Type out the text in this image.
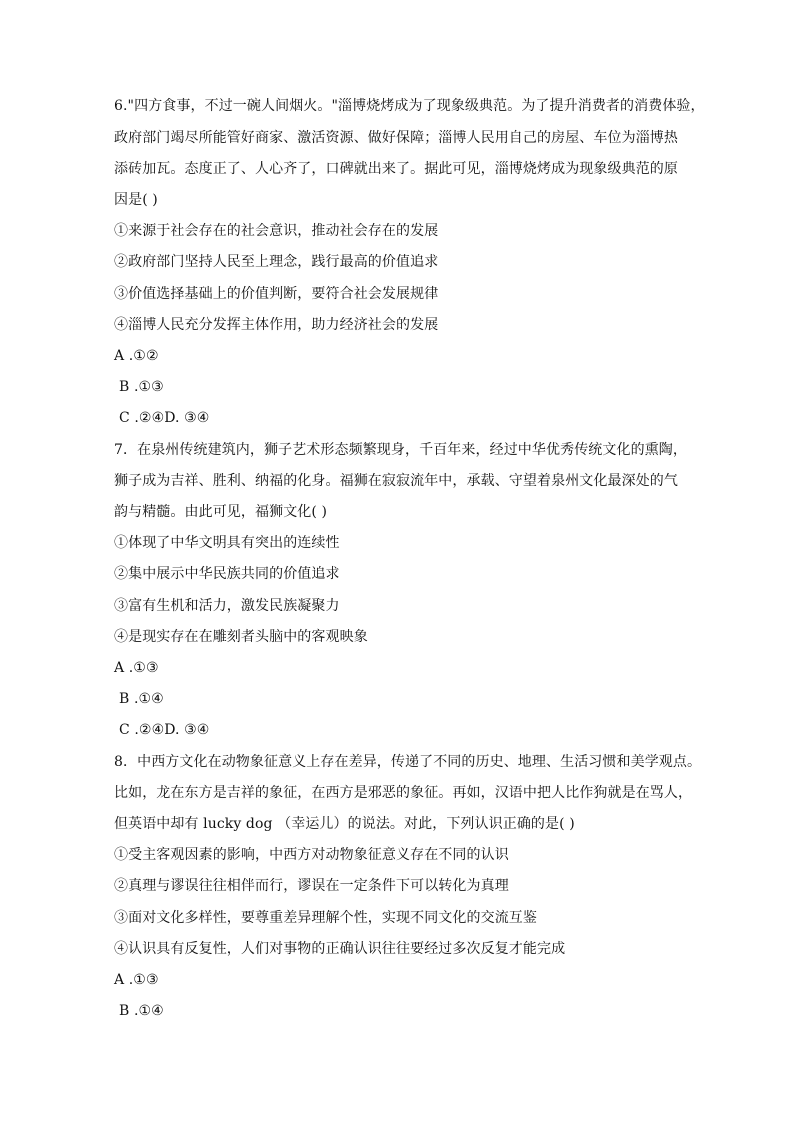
6."四方食事，不过一碗人间烟火。"淄博烧烤成为了现象级典范。为了提升消费者的消费体验，
政府部门竭尽所能管好商家、激活资源、做好保障；淄博人民用自己的房屋、车位为淄博热
添砖加瓦。态度正了、人心齐了，口碑就出来了。据此可见，淄博烧烤成为现象级典范的原
因是( )
①来源于社会存在的社会意识，推动社会存在的发展
②政府部门坚持人民至上理念，践行最高的价值追求
③价值选择基础上的价值判断，要符合社会发展规律
④淄博人民充分发挥主体作用，助力经济社会的发展
A .①②
B .①③
C .②④D. ③④
7．在泉州传统建筑内，狮子艺术形态频繁现身，千百年来，经过中华优秀传统文化的熏陶，
狮子成为吉祥、胜利、纳福的化身。福狮在寂寂流年中，承载、守望着泉州文化最深处的气
韵与精髓。由此可见，福狮文化( )
①体现了中华文明具有突出的连续性
②集中展示中华民族共同的价值追求
③富有生机和活力，激发民族凝聚力
④是现实存在在雕刻者头脑中的客观映象
A .①③
B .①④
C .②④D. ③④
8．中西方文化在动物象征意义上存在差异，传递了不同的历史、地理、生活习惯和美学观点。
比如，龙在东方是吉祥的象征，在西方是邪恶的象征。再如，汉语中把人比作狗就是在骂人，
但英语中却有 lucky dog （幸运儿）的说法。对此，下列认识正确的是( )
①受主客观因素的影响，中西方对动物象征意义存在不同的认识
②真理与谬误往往相伴而行，谬误在一定条件下可以转化为真理
③面对文化多样性，要尊重差异理解个性，实现不同文化的交流互鉴
④认识具有反复性，人们对事物的正确认识往往要经过多次反复才能完成
A .①③
B .①④
